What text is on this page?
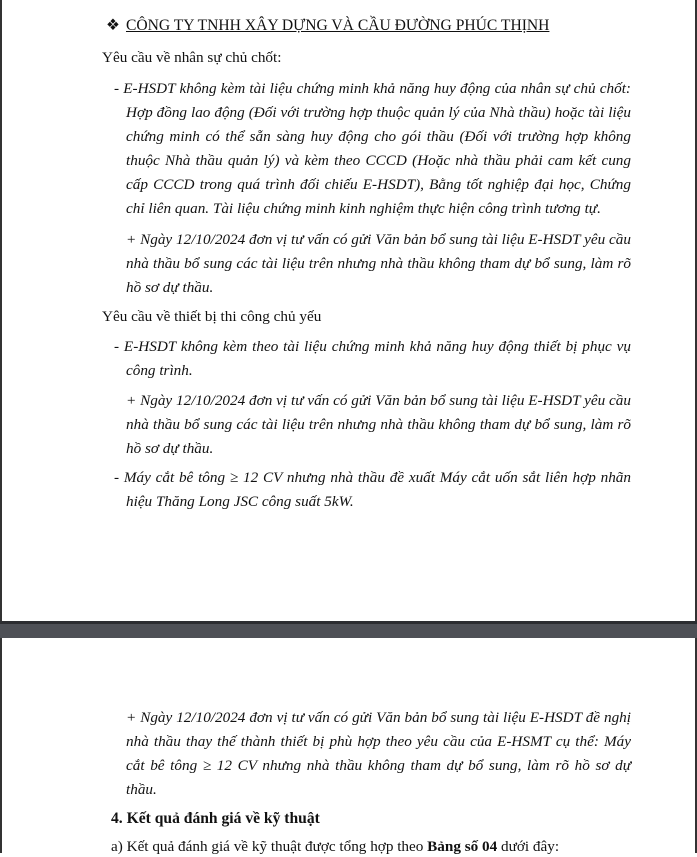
❖ CÔNG TY TNHH XÂY DỰNG VÀ CẦU ĐƯỜNG PHÚC THỊNH
Yêu cầu về nhân sự chủ chốt:
- E-HSDT không kèm tài liệu chứng minh khả năng huy động của nhân sự chủ chốt:
Hợp đồng lao động (Đối với trường hợp thuộc quản lý của Nhà thầu) hoặc tài liệu
chứng minh có thể sẵn sàng huy động cho gói thầu (Đối với trường hợp không
thuộc Nhà thầu quản lý) và kèm theo CCCD (Hoặc nhà thầu phải cam kết cung
cấp CCCD trong quá trình đối chiếu E-HSDT), Bằng tốt nghiệp đại học, Chứng
chỉ liên quan. Tài liệu chứng minh kinh nghiệm thực hiện công trình tương tự.
+ Ngày 12/10/2024 đơn vị tư vấn có gửi Văn bản bổ sung tài liệu E-HSDT yêu cầu
nhà thầu bổ sung các tài liệu trên nhưng nhà thầu không tham dự bổ sung, làm rõ
hồ sơ dự thầu.
Yêu cầu về thiết bị thi công chủ yếu
- E-HSDT không kèm theo tài liệu chứng minh khả năng huy động thiết bị phục vụ
công trình.
+ Ngày 12/10/2024 đơn vị tư vấn có gửi Văn bản bổ sung tài liệu E-HSDT yêu cầu
nhà thầu bổ sung các tài liệu trên nhưng nhà thầu không tham dự bổ sung, làm rõ
hồ sơ dự thầu.
- Máy cắt bê tông ≥ 12 CV nhưng nhà thầu đề xuất Máy cắt uốn sắt liên hợp nhãn
hiệu Thăng Long JSC công suất 5kW.
+ Ngày 12/10/2024 đơn vị tư vấn có gửi Văn bản bổ sung tài liệu E-HSDT đề nghị
nhà thầu thay thế thành thiết bị phù hợp theo yêu cầu của E-HSMT cụ thể: Máy
cắt bê tông ≥ 12 CV nhưng nhà thầu không tham dự bổ sung, làm rõ hồ sơ dự
thầu.
4. Kết quả đánh giá về kỹ thuật
a) Kết quả đánh giá về kỹ thuật được tổng hợp theo Bảng số 04 dưới đây:
